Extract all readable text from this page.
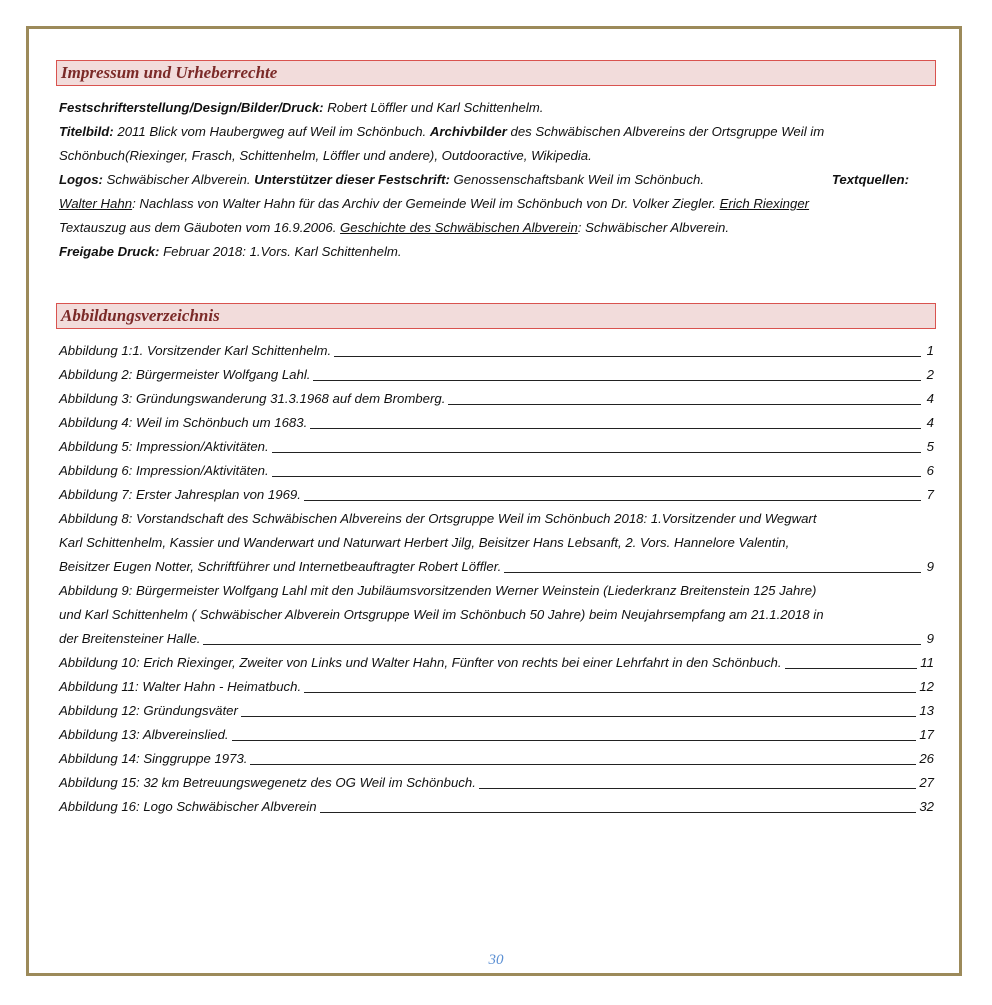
Impressum und Urheberrechte
Festschrifterstellung/Design/Bilder/Druck: Robert Löffler und Karl Schittenhelm.
Titelbild: 2011 Blick vom Haubergweg auf Weil im Schönbuch. Archivbilder des Schwäbischen Albvereins der Ortsgruppe Weil im
Schönbuch(Riexinger, Frasch, Schittenhelm, Löffler und andere), Outdooractive, Wikipedia.
Logos: Schwäbischer Albverein. Unterstützer dieser Festschrift: Genossenschaftsbank Weil im Schönbuch.	Textquellen:
Walter Hahn: Nachlass von Walter Hahn für das Archiv der Gemeinde Weil im Schönbuch von Dr. Volker Ziegler. Erich Riexinger
Textauszug aus dem Gäuboten vom 16.9.2006. Geschichte des Schwäbischen Albverein: Schwäbischer Albverein.
Freigabe Druck: Februar 2018: 1.Vors. Karl Schittenhelm.
Abbildungsverzeichnis
Abbildung 1:1. Vorsitzender Karl Schittenhelm.	1
Abbildung 2: Bürgermeister Wolfgang Lahl.	2
Abbildung 3: Gründungswanderung 31.3.1968 auf dem Bromberg.	4
Abbildung 4: Weil im Schönbuch um 1683.	4
Abbildung 5: Impression/Aktivitäten.	5
Abbildung 6: Impression/Aktivitäten.	6
Abbildung 7: Erster Jahresplan von 1969.	7
Abbildung 8: Vorstandschaft des Schwäbischen Albvereins der Ortsgruppe Weil im Schönbuch 2018: 1.Vorsitzender und Wegwart
Karl Schittenhelm, Kassier und Wanderwart und Naturwart Herbert Jilg, Beisitzer Hans Lebsanft, 2. Vors. Hannelore Valentin,
Beisitzer Eugen Notter, Schriftführer und Internetbeauftragter Robert Löffler.	9
Abbildung 9: Bürgermeister Wolfgang Lahl mit den Jubiläumsvorsitzenden Werner Weinstein (Liederkranz Breitenstein 125 Jahre)
und Karl Schittenhelm ( Schwäbischer Albverein Ortsgruppe Weil im Schönbuch 50 Jahre) beim Neujahrsempfang am 21.1.2018 in
der Breitensteiner Halle.	9
Abbildung 10: Erich Riexinger, Zweiter von Links und Walter Hahn, Fünfter von rechts bei einer Lehrfahrt in den Schönbuch.	11
Abbildung 11: Walter Hahn - Heimatbuch.	12
Abbildung 12: Gründungsväter	13
Abbildung 13: Albvereinslied.	17
Abbildung 14: Singgruppe 1973.	26
Abbildung 15: 32 km Betreuungswegenetz des OG Weil im Schönbuch.	27
Abbildung 16: Logo Schwäbischer Albverein	32
30
